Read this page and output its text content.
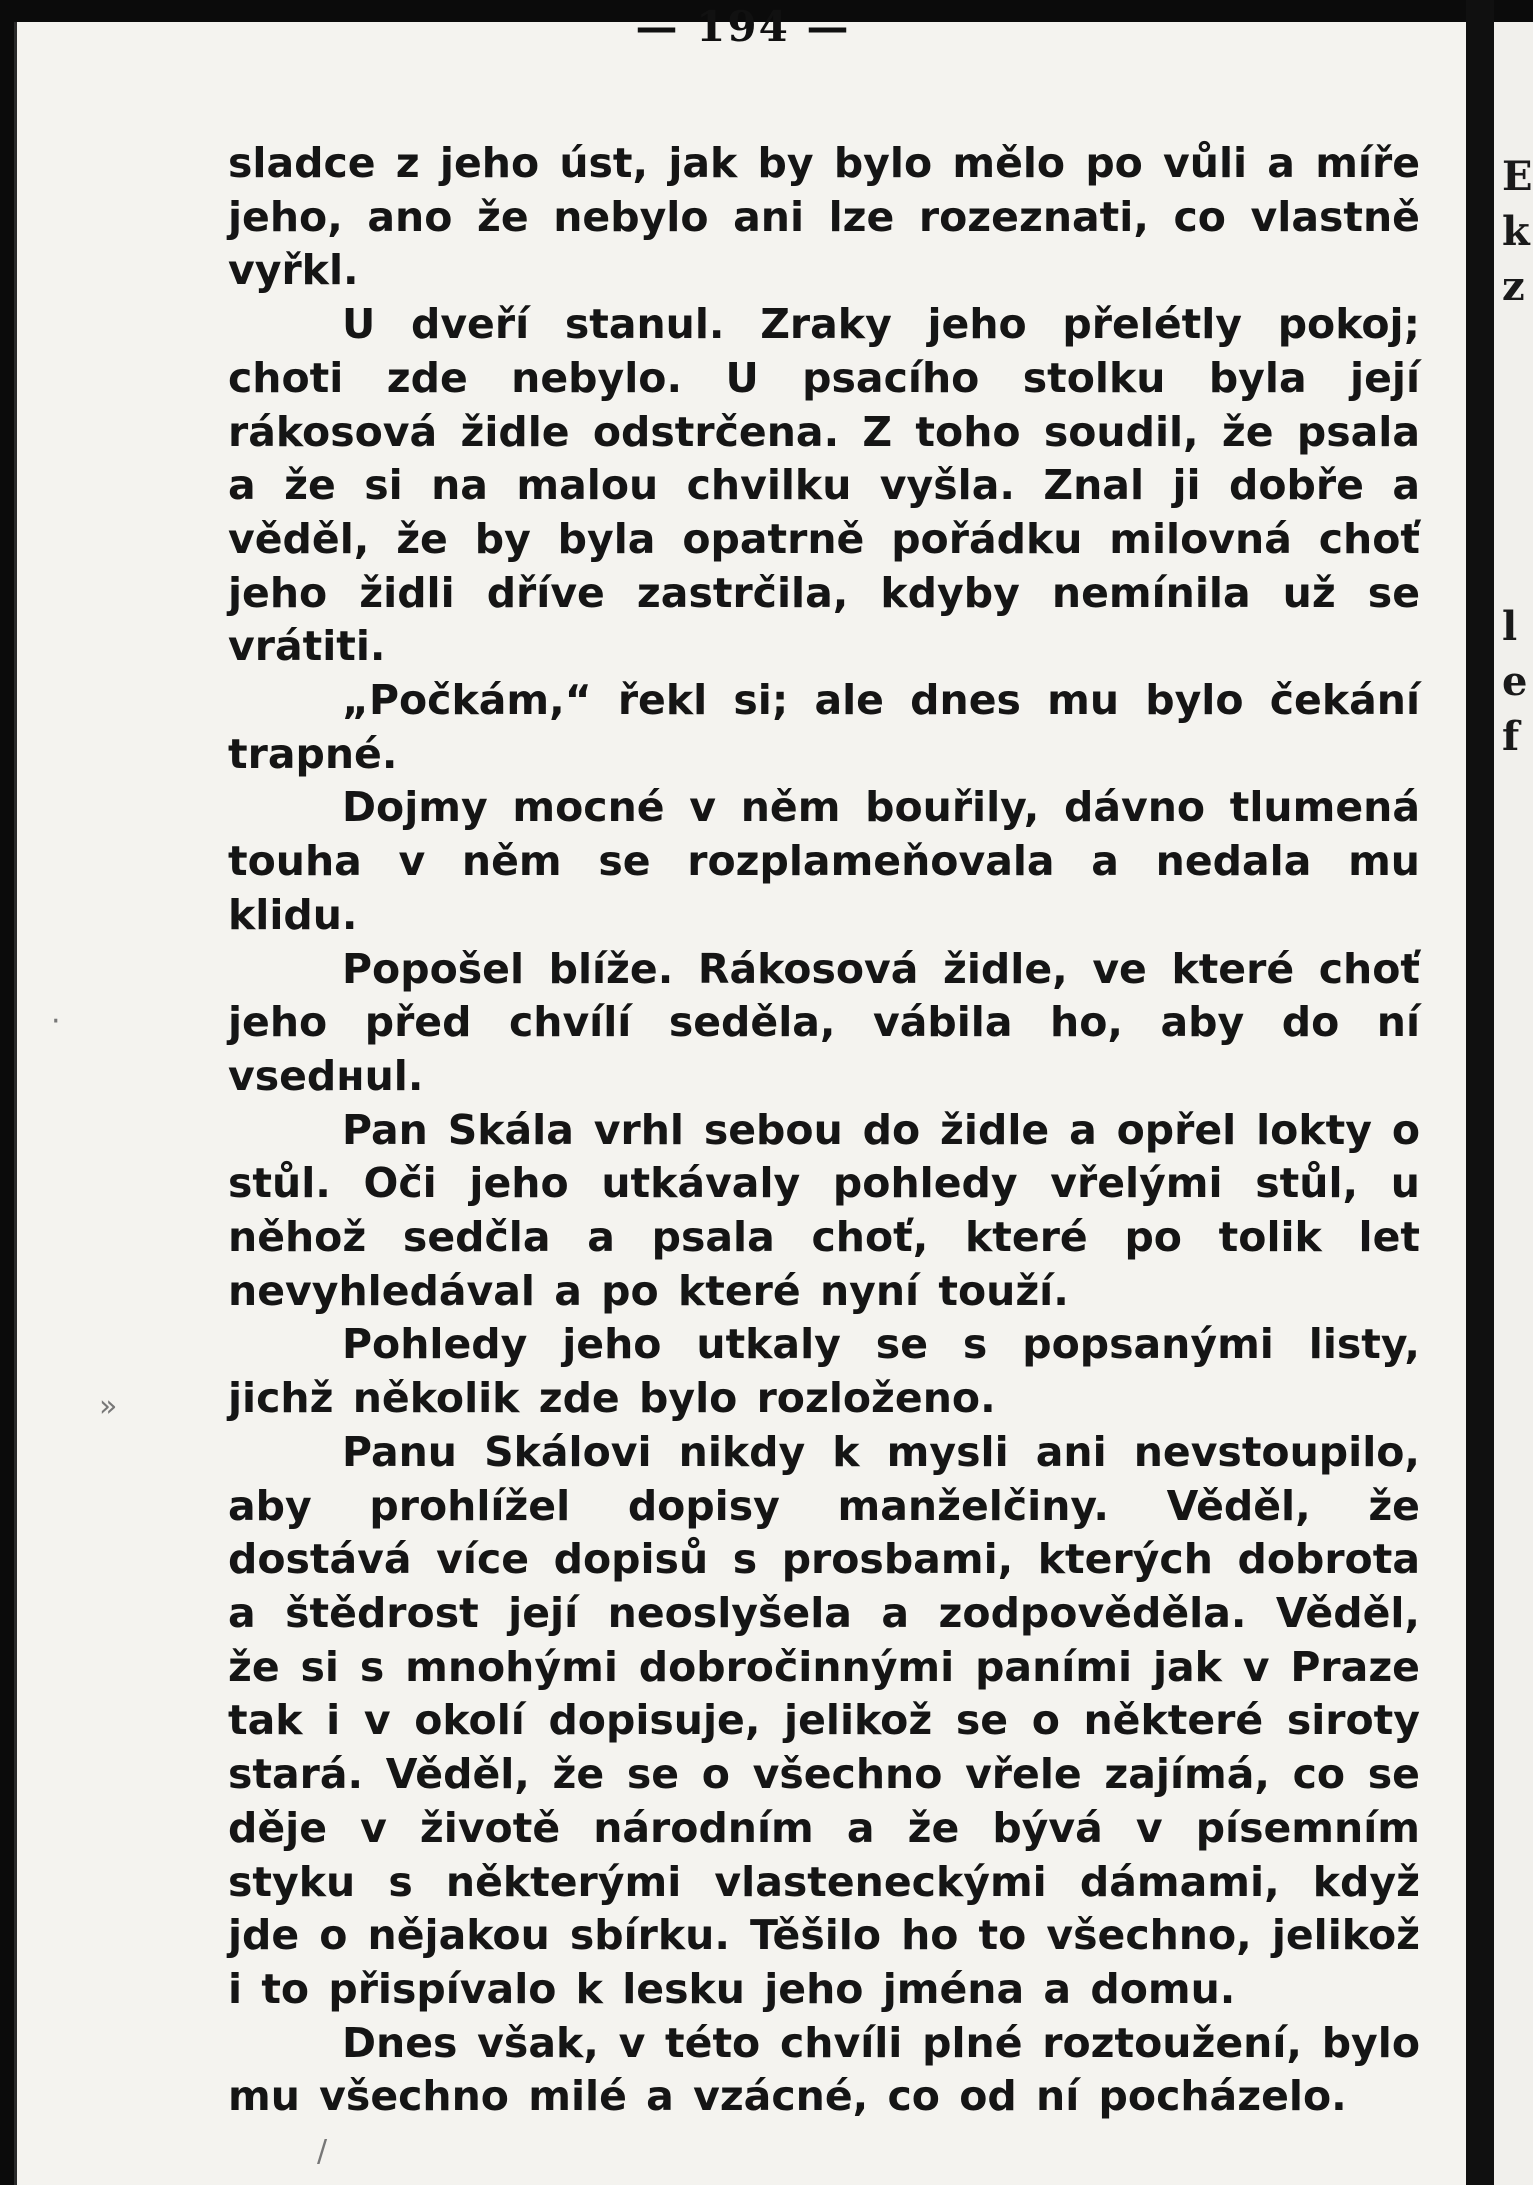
— 194 —

sladce z jeho úst, jak by bylo mělo po vůli a míře jeho, ano že nebylo ani lze rozeznati, co vlastně vyřkl.

U dveří stanul. Zraky jeho přelétly pokoj; choti zde nebylo. U psacího stolku byla její rákosová židle odstrčena. Z toho soudil, že psala a že si na malou chvilku vyšla. Znal ji dobře a věděl, že by byla opatrně pořádku milovná choť jeho židli dříve zastrčila, kdyby nemínila už se vrátiti.

„Počkám,“ řekl si; ale dnes mu bylo čekání trapné.

Dojmy mocné v něm bouřily, dávno tlumená touha v něm se rozplameňovala a nedala mu klidu.

Popošel blíže. Rákosová židle, ve které choť jeho před chvílí seděla, vábila ho, aby do ní vsedнul.

Pan Skála vrhl sebou do židle a opřel lokty o stůl. Oči jeho utkávaly pohledy vřelými stůl, u něhož sedčla a psala choť, které po tolik let nevyhledával a po které nyní touží.

Pohledy jeho utkaly se s popsanými listy, jichž několik zde bylo rozloženo.

Panu Skálovi nikdy k mysli ani nevstoupilo, aby prohlížel dopisy manželčiny. Věděl, že dostává více dopisů s prosbami, kterých dobrota a štědrost její neoslyšela a zodpověděla. Věděl, že si s mnohými dobročinnými paními jak v Praze tak i v okolí dopisuje, jelikož se o některé siroty stará. Věděl, že se o všechno vřele zajímá, co se děje v životě národním a že bývá v písemním styku s některými vlasteneckými dámami, když jde o nějakou sbírku. Těšilo ho to všechno, jelikož i to přispívalo k lesku jeho jména a domu.

Dnes však, v této chvíli plné roztoužení, bylo mu všechno milé a vzácné, co od ní pocházelo.

·
»
/
E
k
z
l
e
f
